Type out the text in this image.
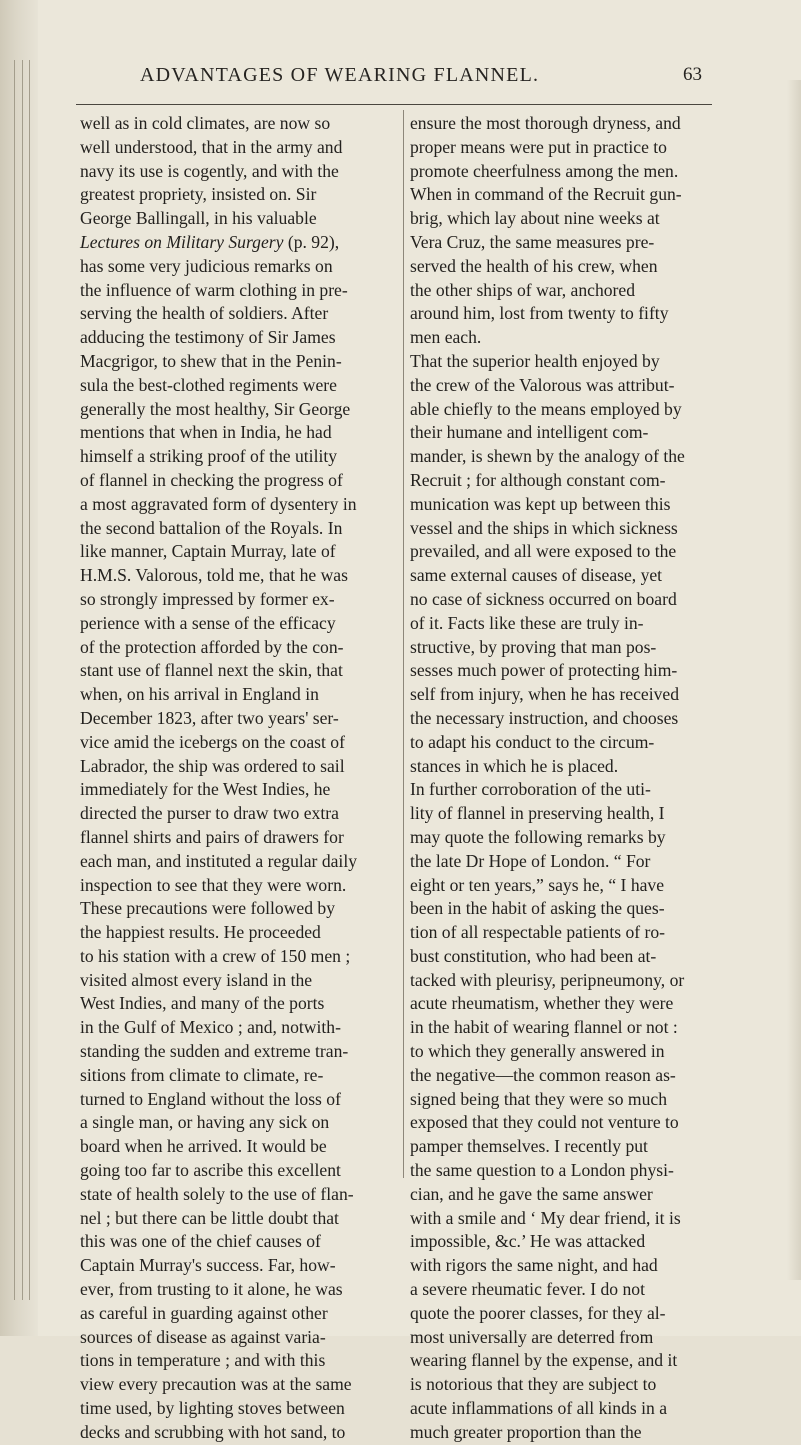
ADVANTAGES OF WEARING FLANNEL.	63
well as in cold climates, are now so
well understood, that in the army and
navy its use is cogently, and with the
greatest propriety, insisted on. Sir
George Ballingall, in his valuable
Lectures on Military Surgery (p. 92),
has some very judicious remarks on
the influence of warm clothing in pre-
serving the health of soldiers. After
adducing the testimony of Sir James
Macgrigor, to shew that in the Penin-
sula the best-clothed regiments were
generally the most healthy, Sir George
mentions that when in India, he had
himself a striking proof of the utility
of flannel in checking the progress of
a most aggravated form of dysentery in
the second battalion of the Royals. In
like manner, Captain Murray, late of
H.M.S. Valorous, told me, that he was
so strongly impressed by former ex-
perience with a sense of the efficacy
of the protection afforded by the con-
stant use of flannel next the skin, that
when, on his arrival in England in
December 1823, after two years' ser-
vice amid the icebergs on the coast of
Labrador, the ship was ordered to sail
immediately for the West Indies, he
directed the purser to draw two extra
flannel shirts and pairs of drawers for
each man, and instituted a regular daily
inspection to see that they were worn.
These precautions were followed by
the happiest results. He proceeded
to his station with a crew of 150 men ;
visited almost every island in the
West Indies, and many of the ports
in the Gulf of Mexico ; and, notwith-
standing the sudden and extreme tran-
sitions from climate to climate, re-
turned to England without the loss of
a single man, or having any sick on
board when he arrived. It would be
going too far to ascribe this excellent
state of health solely to the use of flan-
nel ; but there can be little doubt that
this was one of the chief causes of
Captain Murray's success. Far, how-
ever, from trusting to it alone, he was
as careful in guarding against other
sources of disease as against varia-
tions in temperature ; and with this
view every precaution was at the same
time used, by lighting stoves between
decks and scrubbing with hot sand, to
ensure the most thorough dryness, and
proper means were put in practice to
promote cheerfulness among the men.
When in command of the Recruit gun-
brig, which lay about nine weeks at
Vera Cruz, the same measures pre-
served the health of his crew, when
the other ships of war, anchored
around him, lost from twenty to fifty
men each.
That the superior health enjoyed by
the crew of the Valorous was attribut-
able chiefly to the means employed by
their humane and intelligent com-
mander, is shewn by the analogy of the
Recruit ; for although constant com-
munication was kept up between this
vessel and the ships in which sickness
prevailed, and all were exposed to the
same external causes of disease, yet
no case of sickness occurred on board
of it. Facts like these are truly in-
structive, by proving that man pos-
sesses much power of protecting him-
self from injury, when he has received
the necessary instruction, and chooses
to adapt his conduct to the circum-
stances in which he is placed.
In further corroboration of the uti-
lity of flannel in preserving health, I
may quote the following remarks by
the late Dr Hope of London. “ For
eight or ten years,” says he, “ I have
been in the habit of asking the ques-
tion of all respectable patients of ro-
bust constitution, who had been at-
tacked with pleurisy, peripneumony, or
acute rheumatism, whether they were
in the habit of wearing flannel or not :
to which they generally answered in
the negative—the common reason as-
signed being that they were so much
exposed that they could not venture to
pamper themselves. I recently put
the same question to a London physi-
cian, and he gave the same answer
with a smile and ‘ My dear friend, it is
impossible, &c.’ He was attacked
with rigors the same night, and had
a severe rheumatic fever. I do not
quote the poorer classes, for they al-
most universally are deterred from
wearing flannel by the expense, and it
is notorious that they are subject to
acute inflammations of all kinds in a
much greater proportion than the
